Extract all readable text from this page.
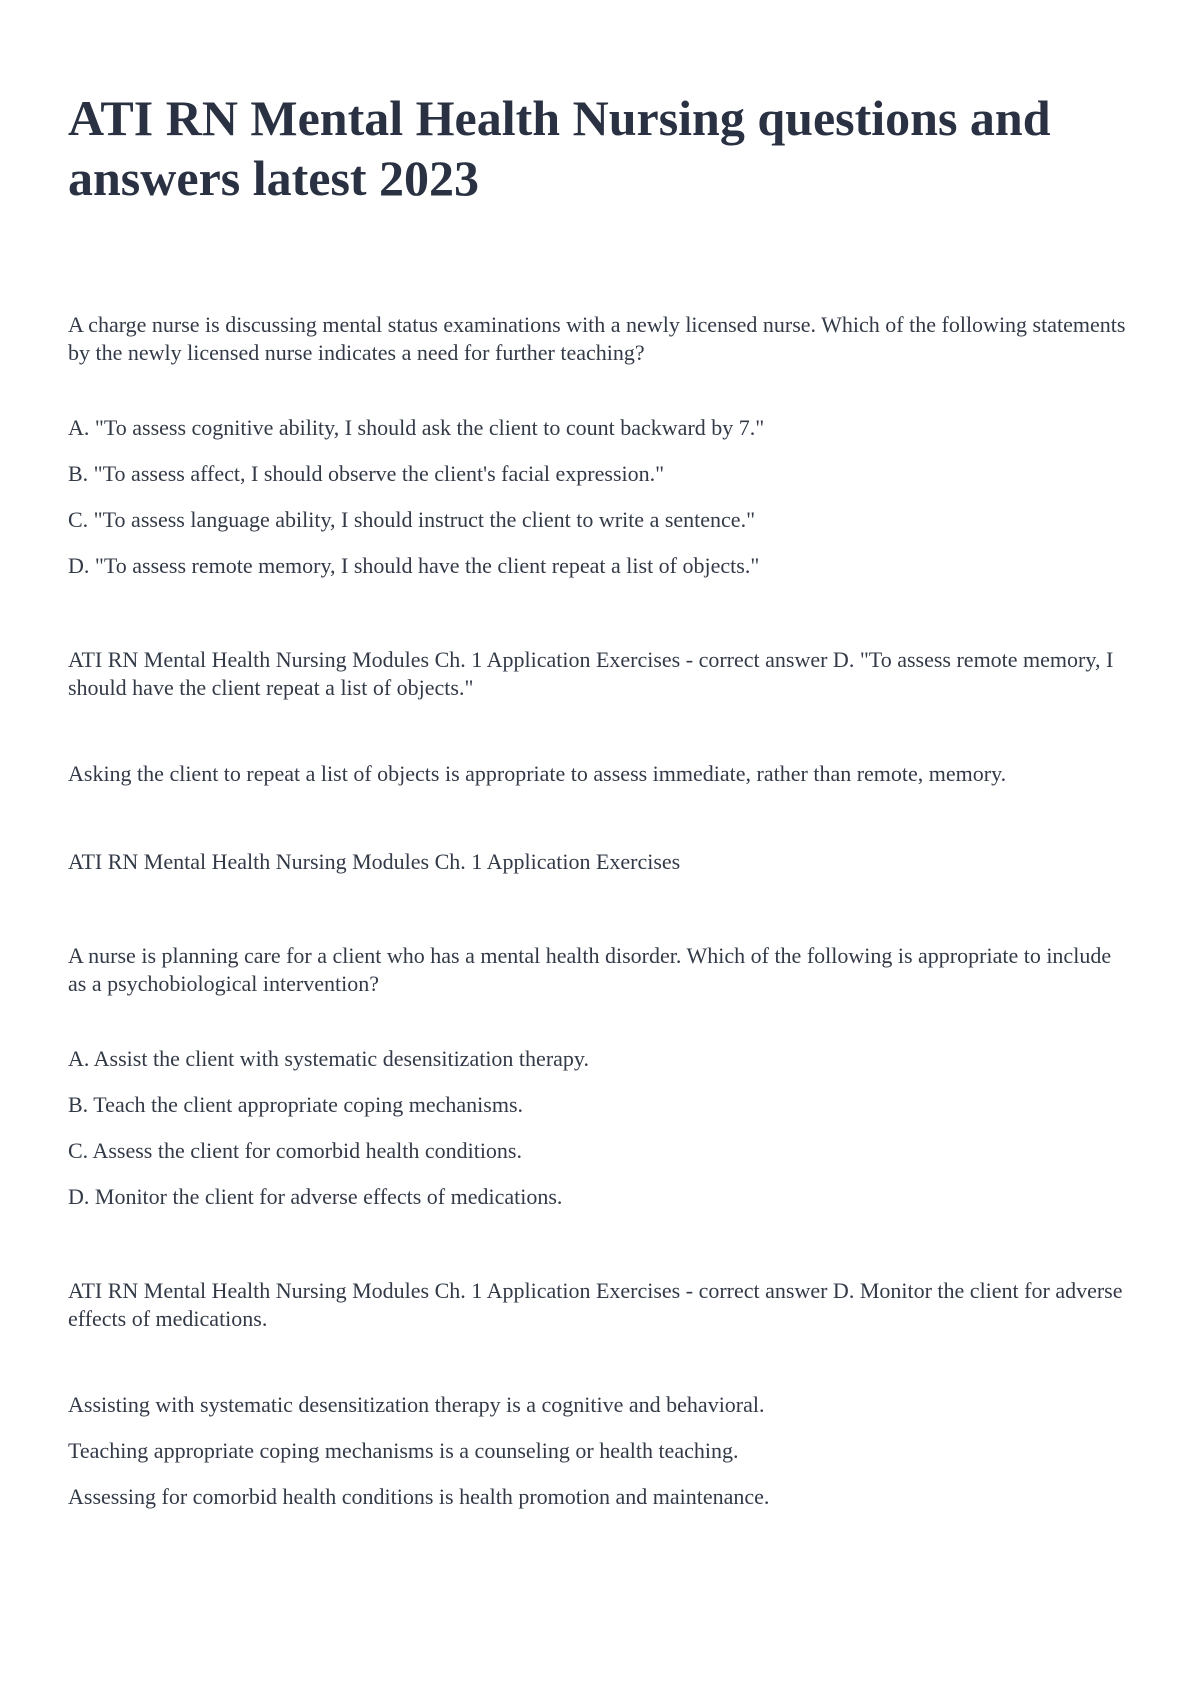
ATI RN Mental Health Nursing questions and answers latest 2023

A charge nurse is discussing mental status examinations with a newly licensed nurse. Which of the following statements by the newly licensed nurse indicates a need for further teaching?

A. "To assess cognitive ability, I should ask the client to count backward by 7."

B. "To assess affect, I should observe the client's facial expression."

C. "To assess language ability, I should instruct the client to write a sentence."

D. "To assess remote memory, I should have the client repeat a list of objects."

ATI RN Mental Health Nursing Modules Ch. 1 Application Exercises - correct answer D. "To assess remote memory, I should have the client repeat a list of objects."

Asking the client to repeat a list of objects is appropriate to assess immediate, rather than remote, memory.

ATI RN Mental Health Nursing Modules Ch. 1 Application Exercises

A nurse is planning care for a client who has a mental health disorder. Which of the following is appropriate to include as a psychobiological intervention?

A. Assist the client with systematic desensitization therapy.

B. Teach the client appropriate coping mechanisms.

C. Assess the client for comorbid health conditions.

D. Monitor the client for adverse effects of medications.

ATI RN Mental Health Nursing Modules Ch. 1 Application Exercises - correct answer D. Monitor the client for adverse effects of medications.

Assisting with systematic desensitization therapy is a cognitive and behavioral.

Teaching appropriate coping mechanisms is a counseling or health teaching.

Assessing for comorbid health conditions is health promotion and maintenance.
